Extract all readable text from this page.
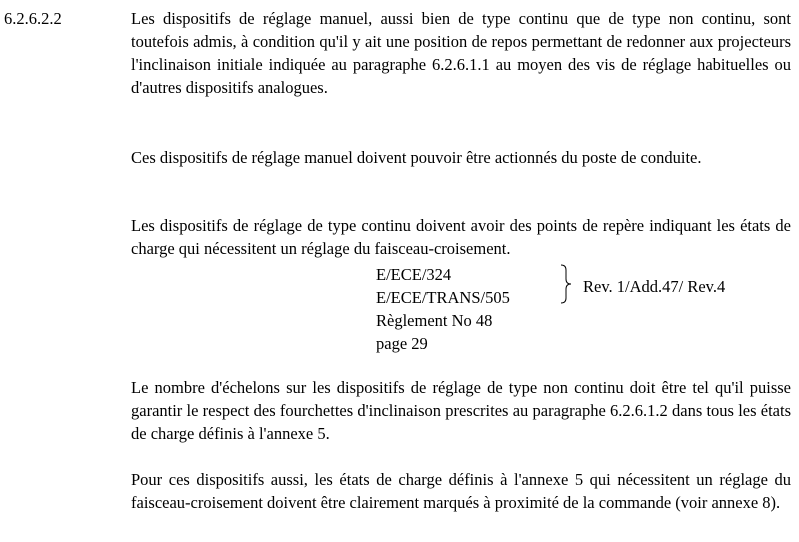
6.2.6.2.2	Les dispositifs de réglage manuel, aussi bien de type continu que de type non continu, sont toutefois admis, à condition qu'il y ait une position de repos permettant de redonner aux projecteurs l'inclinaison initiale indiquée au paragraphe 6.2.6.1.1 au moyen des vis de réglage habituelles ou d'autres dispositifs analogues.

Ces dispositifs de réglage manuel doivent pouvoir être actionnés du poste de conduite.

Les dispositifs de réglage de type continu doivent avoir des points de repère indiquant les états de charge qui nécessitent un réglage du faisceau-croisement.

E/ECE/324
E/ECE/TRANS/505
Règlement No 48
page 29
Rev. 1/Add.47/ Rev.4

Le nombre d'échelons sur les dispositifs de réglage de type non continu doit être tel qu'il puisse garantir le respect des fourchettes d'inclinaison prescrites au paragraphe 6.2.6.1.2 dans tous les états de charge définis à l'annexe 5.

Pour ces dispositifs aussi, les états de charge définis à l'annexe 5 qui nécessitent un réglage du faisceau-croisement doivent être clairement marqués à proximité de la commande (voir annexe 8).
